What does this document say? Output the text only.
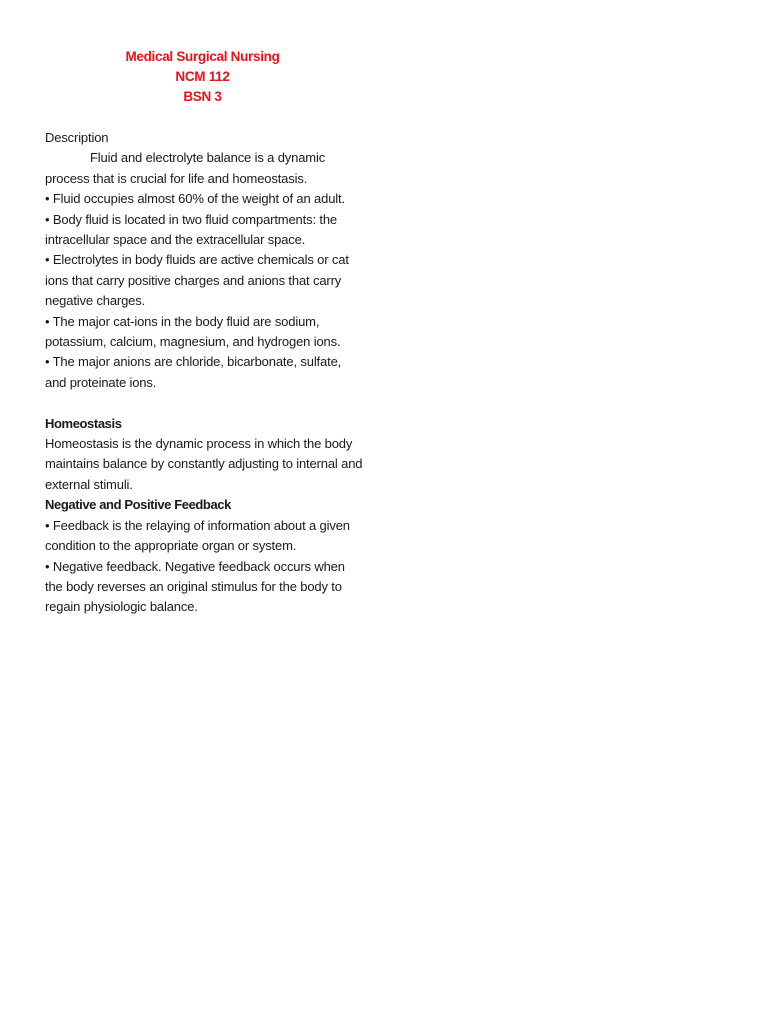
Medical Surgical Nursing
NCM 112
BSN 3

Description

Fluid and electrolyte balance is a dynamic process that is crucial for life and homeostasis.

• Fluid occupies almost 60% of the weight of an adult.

• Body fluid is located in two fluid compartments: the intracellular space and the extracellular space.

• Electrolytes in body fluids are active chemicals or cat ions that carry positive charges and anions that carry negative charges.

• The major cat-ions in the body fluid are sodium, potassium, calcium, magnesium, and hydrogen ions.

• The major anions are chloride, bicarbonate, sulfate, and proteinate ions.

Homeostasis

Homeostasis is the dynamic process in which the body maintains balance by constantly adjusting to internal and external stimuli.

Negative and Positive Feedback

• Feedback is the relaying of information about a given condition to the appropriate organ or system.

• Negative feedback. Negative feedback occurs when the body reverses an original stimulus for the body to regain physiologic balance.
